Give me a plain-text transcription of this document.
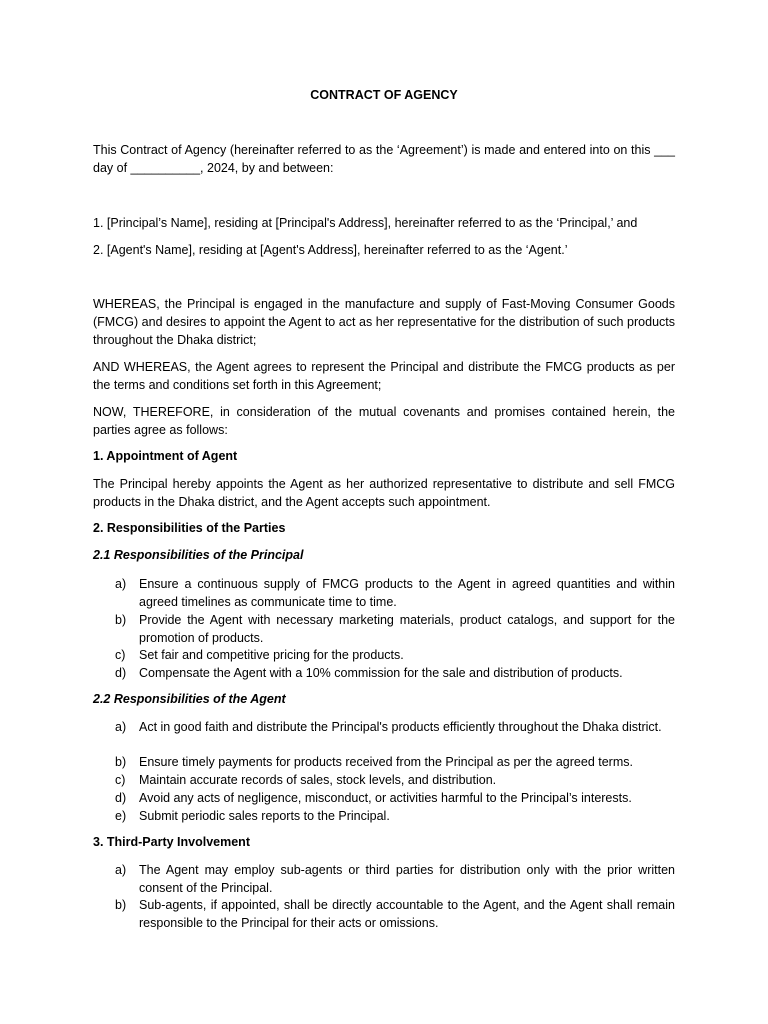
CONTRACT OF AGENCY

This Contract of Agency (hereinafter referred to as the ‘Agreement’) is made and entered into on this ___ day of __________, 2024, by and between:

1. [Principal’s Name], residing at [Principal's Address], hereinafter referred to as the ‘Principal,’ and

2. [Agent's Name], residing at [Agent's Address], hereinafter referred to as the ‘Agent.’

WHEREAS, the Principal is engaged in the manufacture and supply of Fast-Moving Consumer Goods (FMCG) and desires to appoint the Agent to act as her representative for the distribution of such products throughout the Dhaka district;

AND WHEREAS, the Agent agrees to represent the Principal and distribute the FMCG products as per the terms and conditions set forth in this Agreement;

NOW, THEREFORE, in consideration of the mutual covenants and promises contained herein, the parties agree as follows:

1. Appointment of Agent

The Principal hereby appoints the Agent as her authorized representative to distribute and sell FMCG products in the Dhaka district, and the Agent accepts such appointment.

2. Responsibilities of the Parties

2.1 Responsibilities of the Principal

a) Ensure a continuous supply of FMCG products to the Agent in agreed quantities and within agreed timelines as communicate time to time.
b) Provide the Agent with necessary marketing materials, product catalogs, and support for the promotion of products.
c) Set fair and competitive pricing for the products.
d) Compensate the Agent with a 10% commission for the sale and distribution of products.

2.2 Responsibilities of the Agent

a) Act in good faith and distribute the Principal's products efficiently throughout the Dhaka district.
b) Ensure timely payments for products received from the Principal as per the agreed terms.
c) Maintain accurate records of sales, stock levels, and distribution.
d) Avoid any acts of negligence, misconduct, or activities harmful to the Principal’s interests.
e) Submit periodic sales reports to the Principal.

3. Third-Party Involvement

a) The Agent may employ sub-agents or third parties for distribution only with the prior written consent of the Principal.
b) Sub-agents, if appointed, shall be directly accountable to the Agent, and the Agent shall remain responsible to the Principal for their acts or omissions.
